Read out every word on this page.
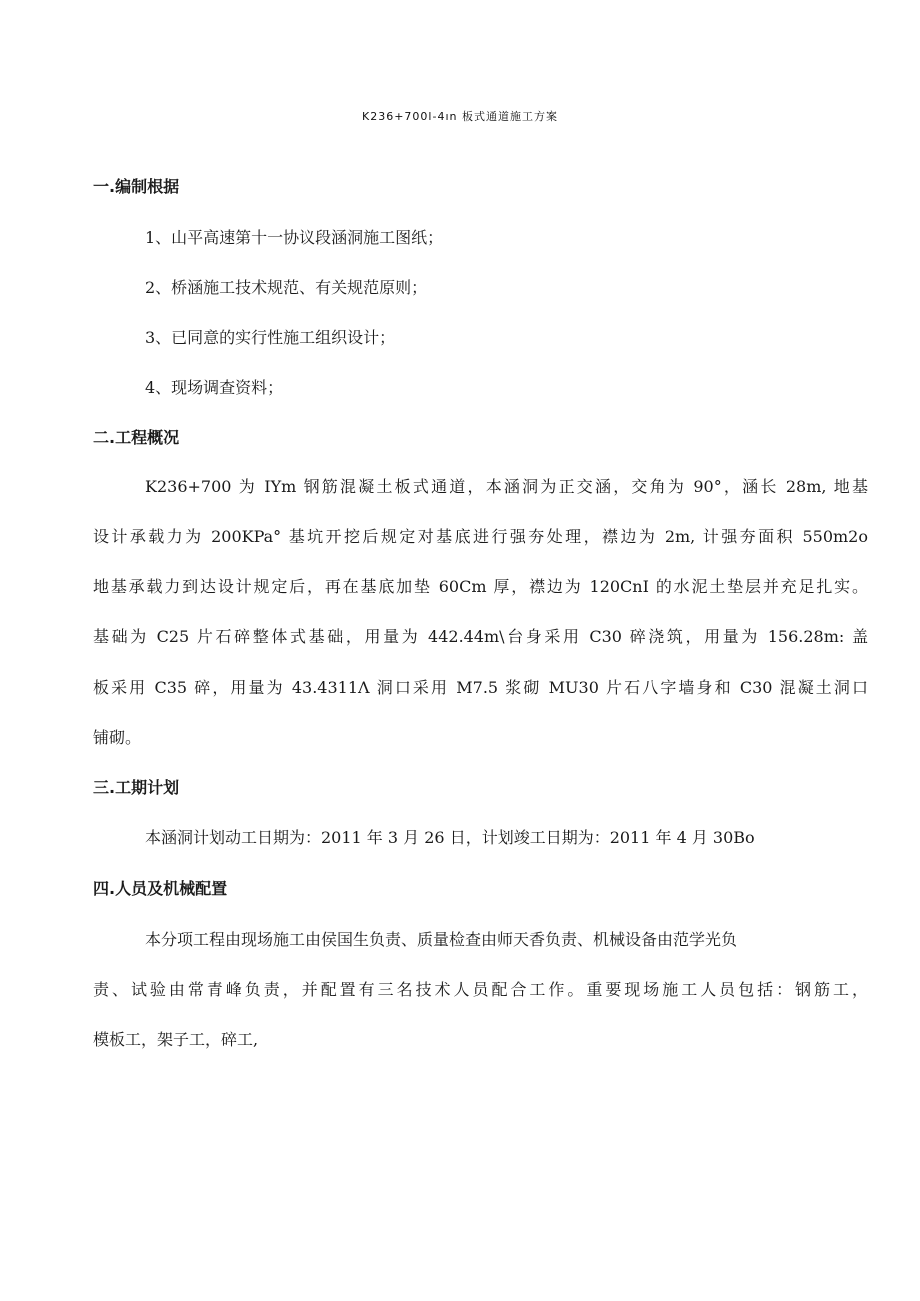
K236+700l-4ın 板式通道施工方案
一.编制根据
1、山平高速第十一协议段涵洞施工图纸；
2、桥涵施工技术规范、有关规范原则；
3、已同意的实行性施工组织设计；
4、现场调查资料；
二.工程概况
K236+700 为 IYm 钢筋混凝土板式通道，本涵洞为正交涵，交角为 90°，涵长 28m, 地基
设计承载力为 200KPa° 基坑开挖后规定对基底进行强夯处理，襟边为 2m, 计强夯面积 550m2o
地基承载力到达设计规定后，再在基底加垫 60Cm 厚，襟边为 120CnI 的水泥土垫层并充足扎实。
基础为 C25 片石碎整体式基础，用量为 442.44m\台身采用 C30 碎浇筑，用量为 156.28m: 盖
板采用 C35 碎，用量为 43.4311Λ 洞口采用 M7.5 浆砌 MU30 片石八字墙身和 C30 混凝土洞口
铺砌。
三.工期计划
本涵洞计划动工日期为：2011 年 3 月 26 日，计划竣工日期为：2011 年 4 月 30Bo
四.人员及机械配置
本分项工程由现场施工由侯国生负责、质量检查由师天香负责、机械设备由范学光负
责、试验由常青峰负责，并配置有三名技术人员配合工作。重要现场施工人员包括：钢筋工，
模板工，架子工，碎工,
